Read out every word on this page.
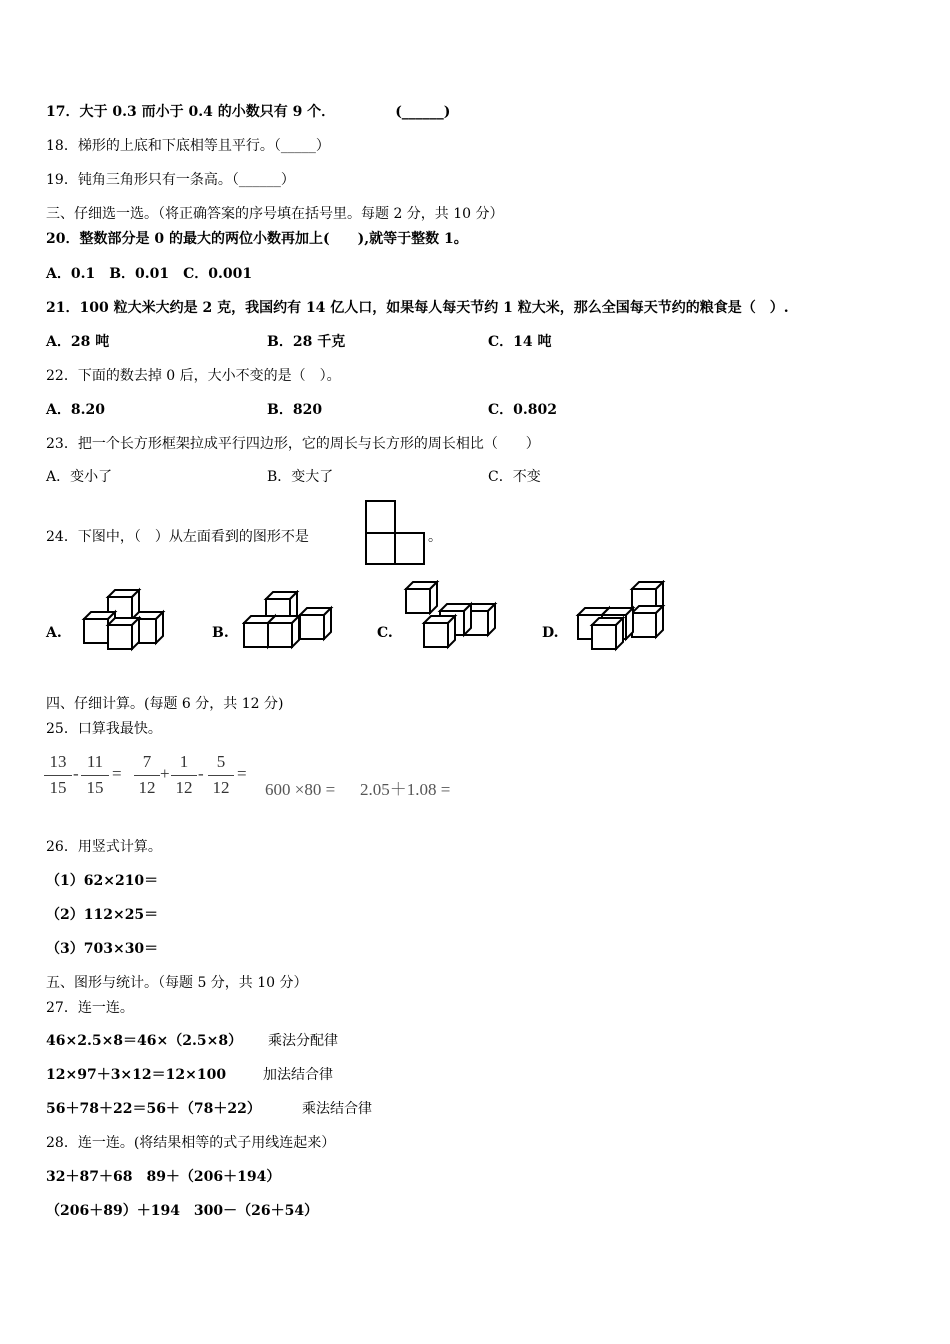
17．大于 0.3 而小于 0.4 的小数只有 9 个．	(______)
18．梯形的上底和下底相等且平行。（_____）
19．钝角三角形只有一条高。（______）
三、仔细选一选。（将正确答案的序号填在括号里。每题 2 分，共 10 分）
20．整数部分是 0 的最大的两位小数再加上(　　),就等于整数 1。
A．0.1　B．0.01　C．0.001
21．100 粒大米大约是 2 克，我国约有 14 亿人口，如果每人每天节约 1 粒大米，那么全国每天节约的粮食是（　）.
A．28 吨	B．28 千克	C．14 吨
22．下面的数去掉 0 后，大小不变的是（　）。
A．8.20	B．820	C．0.802
23．把一个长方形框架拉成平行四边形，它的周长与长方形的周长相比（　　）
A．变小了	B．变大了	C．不变
24．下图中，（　）从左面看到的图形不是	。
A.	B.	C.	D.
四、仔细计算。(每题 6 分，共 12 分)
25．口算我最快。
13
15
-
11
15
=
7
12
+
1
12
-
5
12
=
600 ×80 = 2.05＋1.08 =
26．用竖式计算。
（1）62×210＝
（2）112×25＝
（3）703×30＝
五、图形与统计。（每题 5 分，共 10 分）
27．连一连。
46×2.5×8＝46×（2.5×8） 乘法分配律
12×97＋3×12＝12×100	加法结合律
56＋78＋22＝56＋（78＋22）	乘法结合律
28．连一连。(将结果相等的式子用线连起来）
32＋87＋68　89＋（206＋194）
（206＋89）＋194　300－（26＋54）
